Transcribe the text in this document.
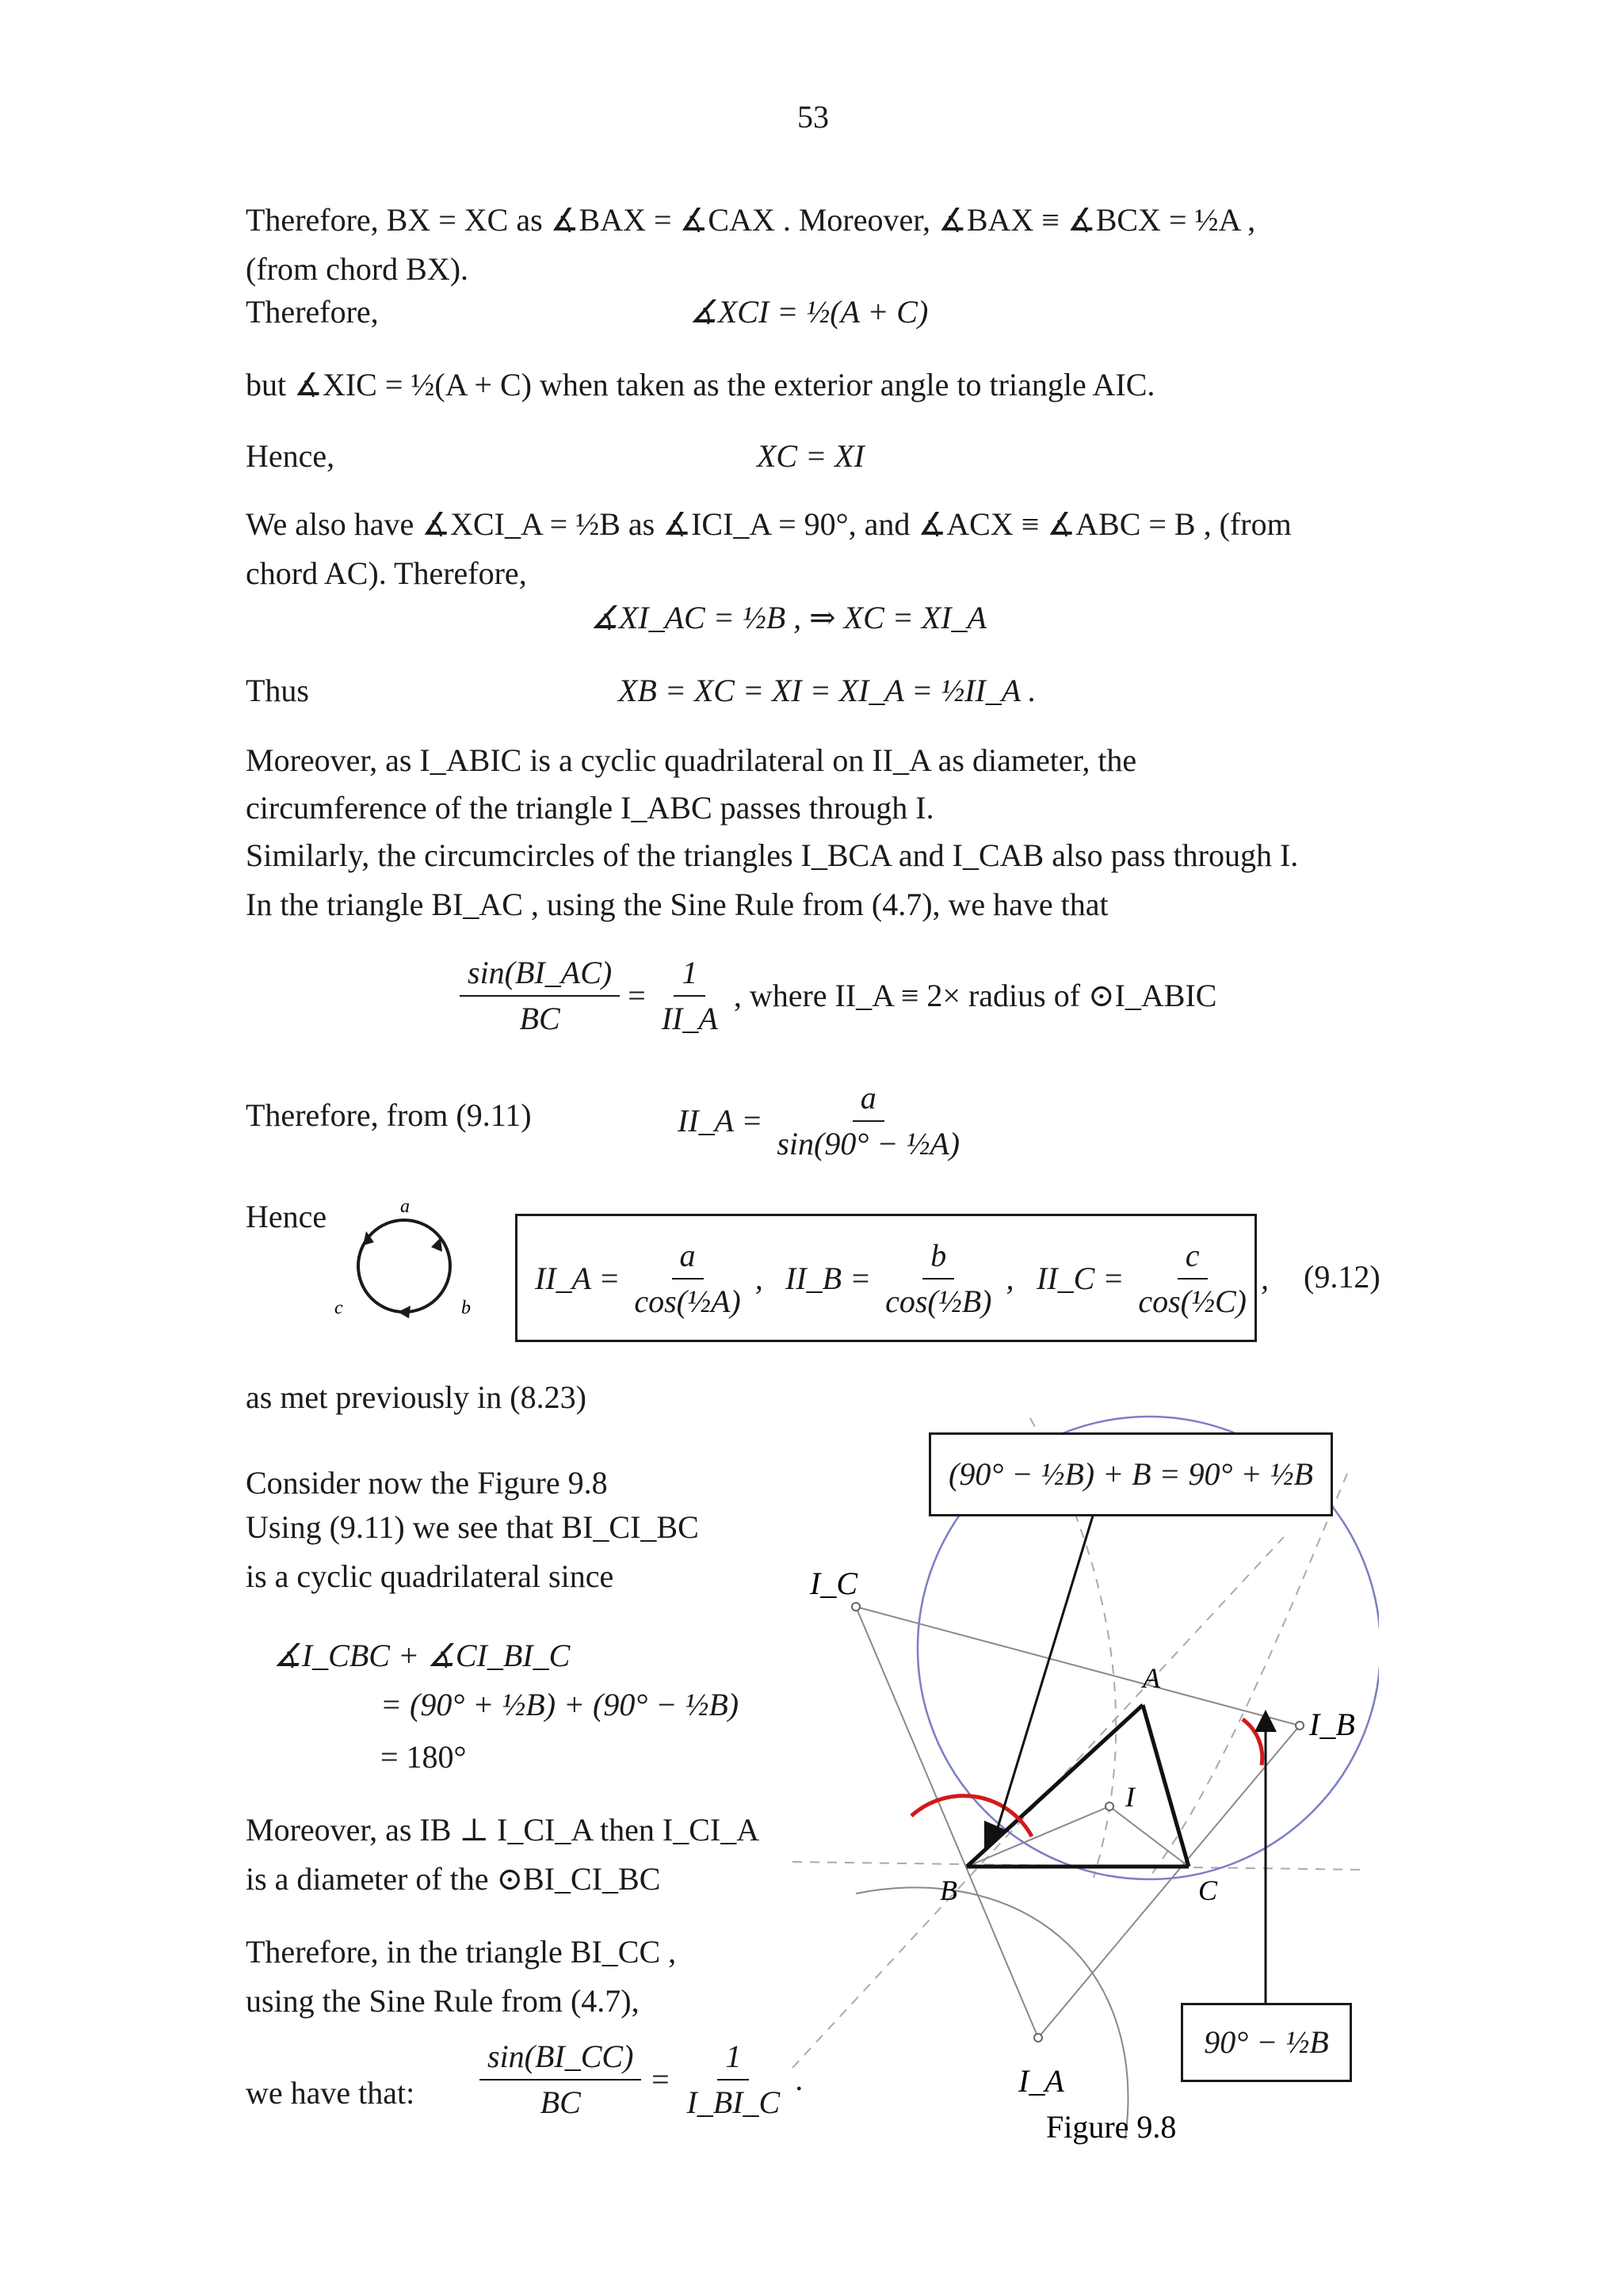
53
Therefore, BX = XC as ∡BAX = ∡CAX . Moreover, ∡BAX ≡ ∡BCX = ½A ,
(from chord BX).
Therefore,	∡XCI = ½(A + C)
but ∡XIC = ½(A + C) when taken as the exterior angle to triangle AIC.
Hence,	XC = XI
We also have ∡XCI_A = ½B as ∡ICI_A = 90°, and ∡ACX ≡ ∡ABC = B , (from
chord AC). Therefore,
∡XI_AC = ½B , ⇒ XC = XI_A
Thus	XB = XC = XI = XI_A = ½II_A .
Moreover, as I_ABIC is a cyclic quadrilateral on II_A as diameter, the
circumference of the triangle I_ABC passes through I.
Similarly, the circumcircles of the triangles I_BCA and I_CAB also pass through I.
In the triangle BI_AC , using the Sine Rule from (4.7), we have that
$\frac{\sin(BI\_AC)}{BC} = \frac{1}{II\_A}$ , where II_A ≡ 2× radius of ⊙I_ABIC
Therefore, from (9.11)	II_A = $\frac{a}{\text{sin(90° − ½A)}}$
Hence	a
b
c
II_A = $\frac{a}{\text{cos(½A)}}$ , II_B = $\frac{b}{\text{cos(½B)}}$ , II_C = $\frac{c}{\text{cos(½C)}}$ , (9.12)
as met previously in (8.23)
Consider now the Figure 9.8
Using (9.11) we see that BI_CI_BC
is a cyclic quadrilateral since
∡I_CBC + ∡CI_BI_C
= (90° + ½B) + (90° − ½B)
= 180°
Moreover, as IB ⊥ I_CI_A then I_CI_A
is a diameter of the ⊙BI_CI_BC
Therefore, in the triangle BI_CC ,
using the Sine Rule from (4.7),
we have that: $\frac{\sin(BI\_CC)}{BC} = \frac{1}{I\_BI\_C}$ .
I_C
I_B
I_A
A
B	C
I
Figure 9.8
(90° − ½B) + B = 90° + ½B
90° − ½B
